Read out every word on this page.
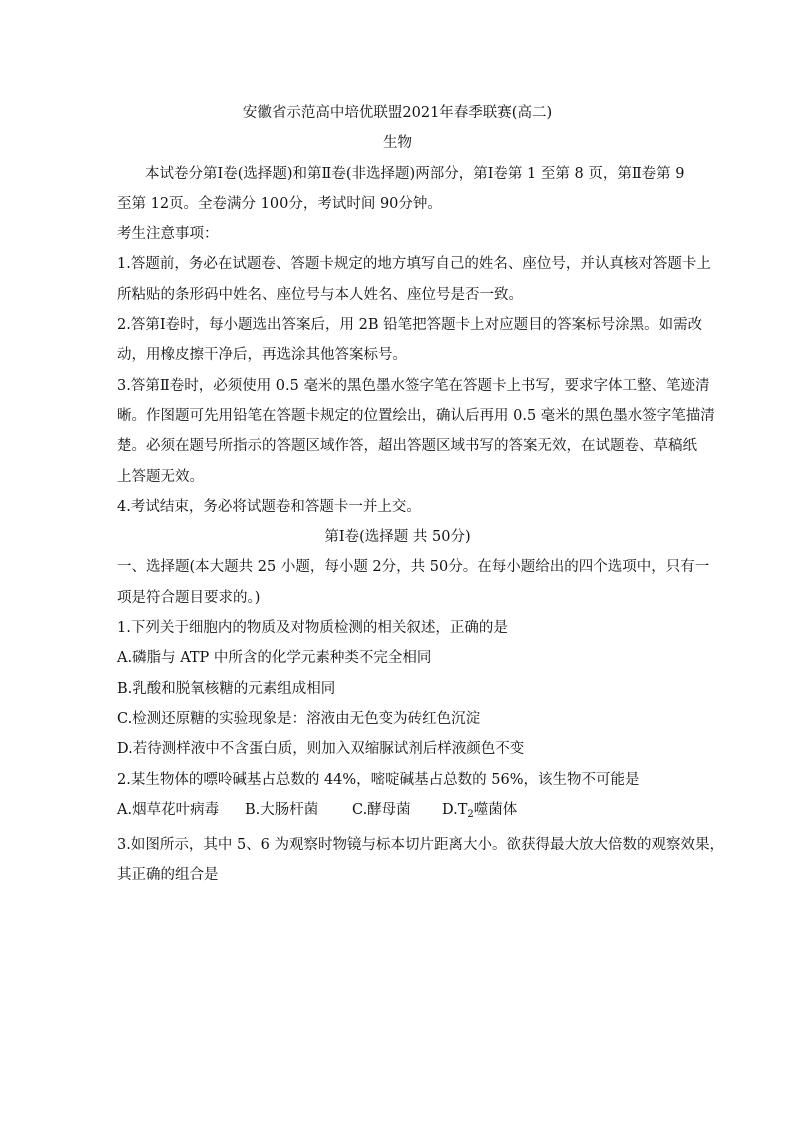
安徽省示范高中培优联盟2021年春季联赛(高二)
生物
本试卷分第Ⅰ卷(选择题)和第Ⅱ卷(非选择题)两部分，第Ⅰ卷第 1 至第 8 页，第Ⅱ卷第 9
至第 12页。全卷满分 100分，考试时间 90分钟。
考生注意事项：
1.答题前，务必在试题卷、答题卡规定的地方填写自己的姓名、座位号，并认真核对答题卡上
所粘贴的条形码中姓名、座位号与本人姓名、座位号是否一致。
2.答第Ⅰ卷时，每小题选出答案后，用 2B 铅笔把答题卡上对应题目的答案标号涂黑。如需改
动，用橡皮擦干净后，再选涂其他答案标号。
3.答第Ⅱ卷时，必须使用 0.5 毫米的黑色墨水签字笔在答题卡上书写，要求字体工整、笔迹清
晰。作图题可先用铅笔在答题卡规定的位置绘出，确认后再用 0.5 毫米的黑色墨水签字笔描清
楚。必须在题号所指示的答题区域作答，超出答题区域书写的答案无效，在试题卷、草稿纸
上答题无效。
4.考试结束，务必将试题卷和答题卡一并上交。
第Ⅰ卷(选择题 共 50分)
一、选择题(本大题共 25 小题，每小题 2分，共 50分。在每小题给出的四个选项中，只有一
项是符合题目要求的。)
1.下列关于细胞内的物质及对物质检测的相关叙述，正确的是
A.磷脂与 ATP 中所含的化学元素种类不完全相同
B.乳酸和脱氧核糖的元素组成相同
C.检测还原糖的实验现象是：溶液由无色变为砖红色沉淀
D.若待测样液中不含蛋白质，则加入双缩脲试剂后样液颜色不变
2.某生物体的嘌呤碱基占总数的 44%，嘧啶碱基占总数的 56%，该生物不可能是
A.烟草花叶病毒	B.大肠杆菌	C.酵母菌	$D.T_2$噬菌体
3.如图所示，其中 5、6 为观察时物镜与标本切片距离大小。欲获得最大放大倍数的观察效果，
其正确的组合是
